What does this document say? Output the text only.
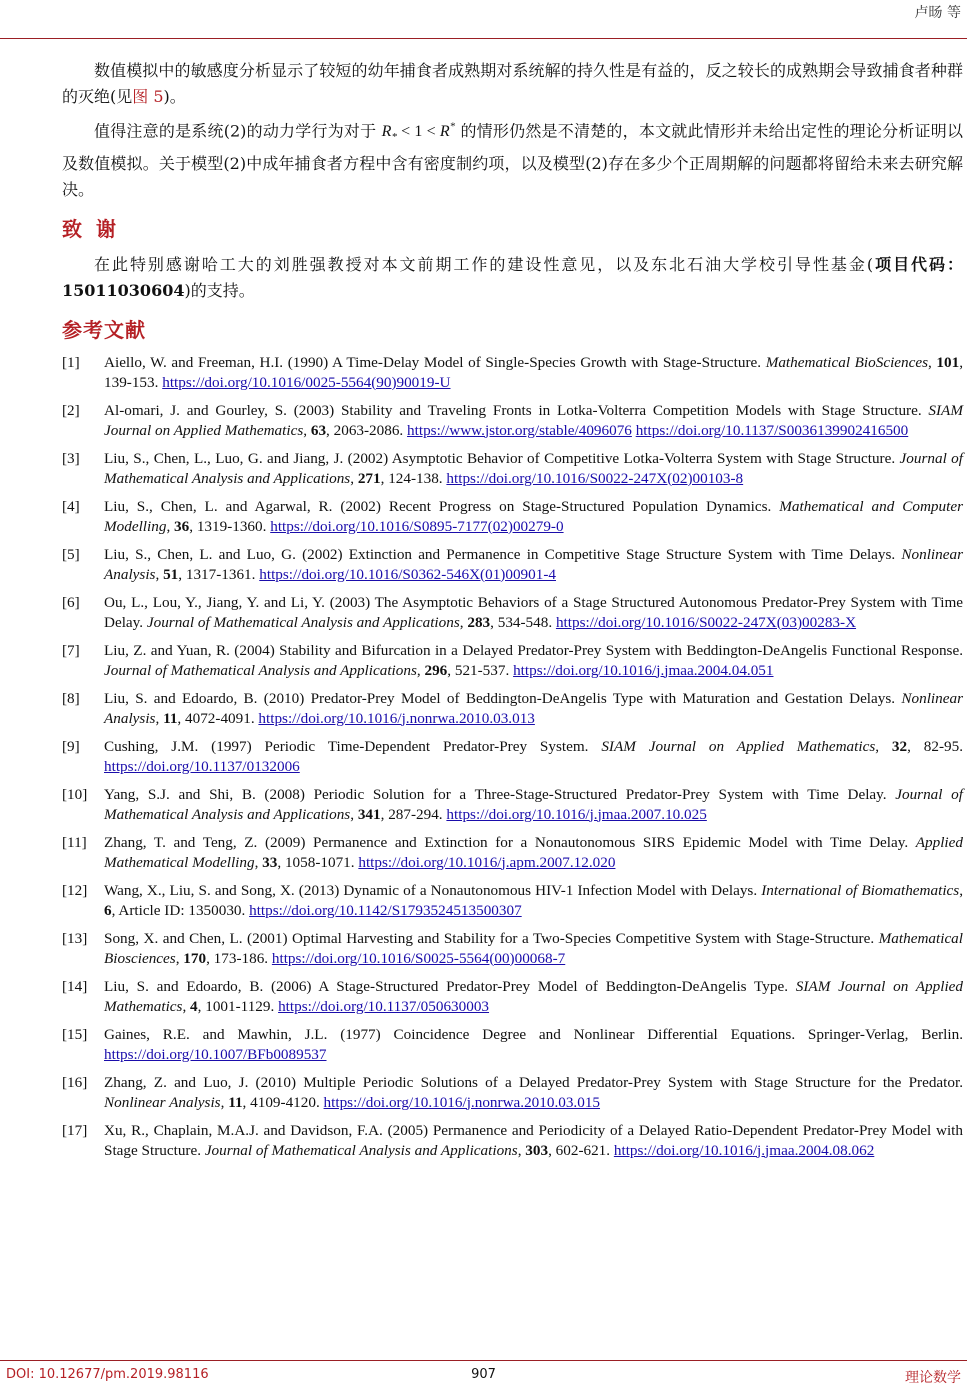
卢旸 等

数值模拟中的敏感度分析显示了较短的幼年捕食者成熟期对系统解的持久性是有益的，反之较长的成熟期会导致捕食者种群的灭绝(见图 5)。

值得注意的是系统(2)的动力学行为对于 $R_* < 1 < R^*$ 的情形仍然是不清楚的，本文就此情形并未给出定性的理论分析证明以及数值模拟。关于模型(2)中成年捕食者方程中含有密度制约项，以及模型(2)存在多少个正周期解的问题都将留给未来去研究解决。

致谢

在此特别感谢哈工大的刘胜强教授对本文前期工作的建设性意见，以及东北石油大学校引导性基金(项目代码：15011030604)的支持。

参考文献
[1] Aiello, W. and Freeman, H.I. (1990) A Time-Delay Model of Single-Species Growth with Stage-Structure. Mathematical BioSciences, 101, 139-153. https://doi.org/10.1016/0025-5564(90)90019-U
[2] Al-omari, J. and Gourley, S. (2003) Stability and Traveling Fronts in Lotka-Volterra Competition Models with Stage Structure. SIAM Journal on Applied Mathematics, 63, 2063-2086. https://www.jstor.org/stable/4096076 https://doi.org/10.1137/S0036139902416500
[3] Liu, S., Chen, L., Luo, G. and Jiang, J. (2002) Asymptotic Behavior of Competitive Lotka-Volterra System with Stage Structure. Journal of Mathematical Analysis and Applications, 271, 124-138. https://doi.org/10.1016/S0022-247X(02)00103-8
[4] Liu, S., Chen, L. and Agarwal, R. (2002) Recent Progress on Stage-Structured Population Dynamics. Mathematical and Computer Modelling, 36, 1319-1360. https://doi.org/10.1016/S0895-7177(02)00279-0
[5] Liu, S., Chen, L. and Luo, G. (2002) Extinction and Permanence in Competitive Stage Structure System with Time Delays. Nonlinear Analysis, 51, 1317-1361. https://doi.org/10.1016/S0362-546X(01)00901-4
[6] Ou, L., Lou, Y., Jiang, Y. and Li, Y. (2003) The Asymptotic Behaviors of a Stage Structured Autonomous Predator-Prey System with Time Delay. Journal of Mathematical Analysis and Applications, 283, 534-548. https://doi.org/10.1016/S0022-247X(03)00283-X
[7] Liu, Z. and Yuan, R. (2004) Stability and Bifurcation in a Delayed Predator-Prey System with Beddington-DeAngelis Functional Response. Journal of Mathematical Analysis and Applications, 296, 521-537. https://doi.org/10.1016/j.jmaa.2004.04.051
[8] Liu, S. and Edoardo, B. (2010) Predator-Prey Model of Beddington-DeAngelis Type with Maturation and Gestation Delays. Nonlinear Analysis, 11, 4072-4091. https://doi.org/10.1016/j.nonrwa.2010.03.013
[9] Cushing, J.M. (1997) Periodic Time-Dependent Predator-Prey System. SIAM Journal on Applied Mathematics, 32, 82-95. https://doi.org/10.1137/0132006
[10] Yang, S.J. and Shi, B. (2008) Periodic Solution for a Three-Stage-Structured Predator-Prey System with Time Delay. Journal of Mathematical Analysis and Applications, 341, 287-294. https://doi.org/10.1016/j.jmaa.2007.10.025
[11] Zhang, T. and Teng, Z. (2009) Permanence and Extinction for a Nonautonomous SIRS Epidemic Model with Time Delay. Applied Mathematical Modelling, 33, 1058-1071. https://doi.org/10.1016/j.apm.2007.12.020
[12] Wang, X., Liu, S. and Song, X. (2013) Dynamic of a Nonautonomous HIV-1 Infection Model with Delays. International of Biomathematics, 6, Article ID: 1350030. https://doi.org/10.1142/S1793524513500307
[13] Song, X. and Chen, L. (2001) Optimal Harvesting and Stability for a Two-Species Competitive System with Stage-Structure. Mathematical Biosciences, 170, 173-186. https://doi.org/10.1016/S0025-5564(00)00068-7
[14] Liu, S. and Edoardo, B. (2006) A Stage-Structured Predator-Prey Model of Beddington-DeAngelis Type. SIAM Journal on Applied Mathematics, 4, 1001-1129. https://doi.org/10.1137/050630003
[15] Gaines, R.E. and Mawhin, J.L. (1977) Coincidence Degree and Nonlinear Differential Equations. Springer-Verlag, Berlin. https://doi.org/10.1007/BFb0089537
[16] Zhang, Z. and Luo, J. (2010) Multiple Periodic Solutions of a Delayed Predator-Prey System with Stage Structure for the Predator. Nonlinear Analysis, 11, 4109-4120. https://doi.org/10.1016/j.nonrwa.2010.03.015
[17] Xu, R., Chaplain, M.A.J. and Davidson, F.A. (2005) Permanence and Periodicity of a Delayed Ratio-Dependent Predator-Prey Model with Stage Structure. Journal of Mathematical Analysis and Applications, 303, 602-621. https://doi.org/10.1016/j.jmaa.2004.08.062
DOI: 10.12677/pm.2019.98116	907	理论数学
